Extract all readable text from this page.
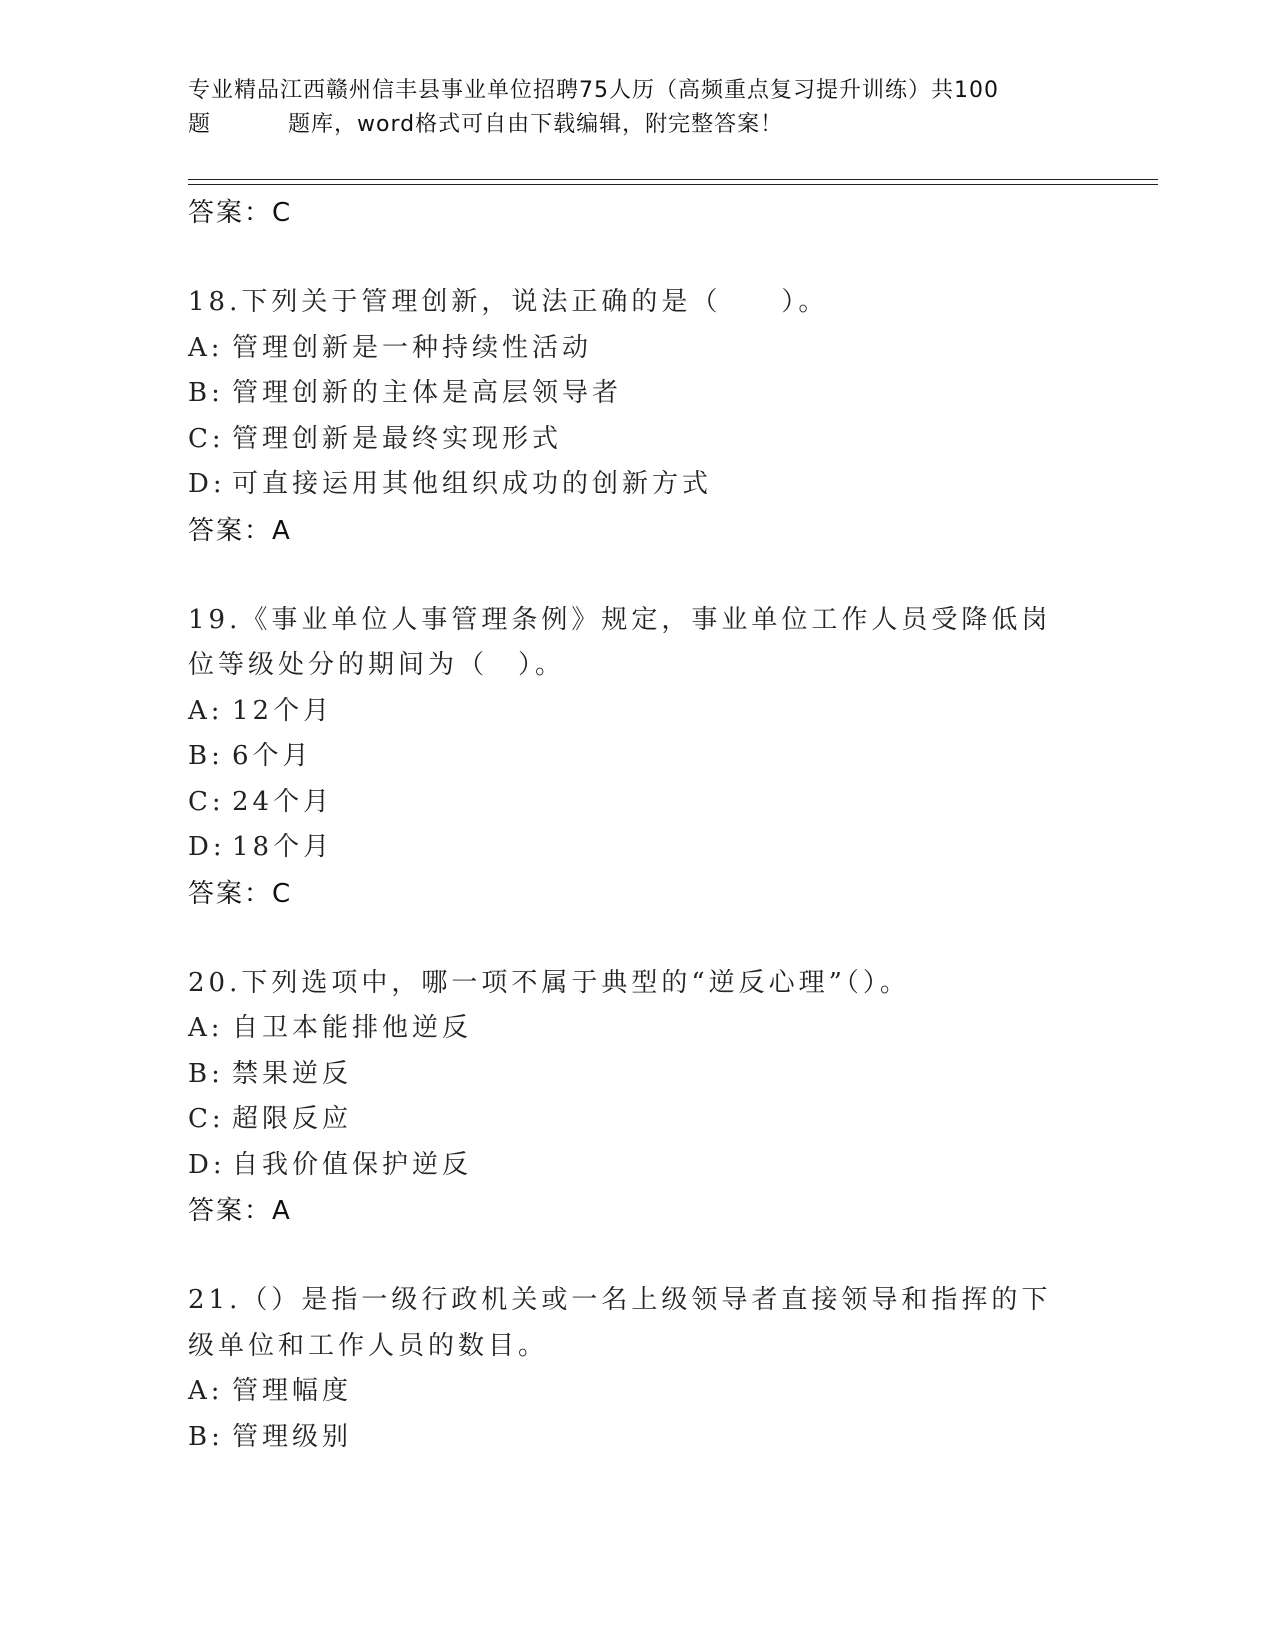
专业精品江西赣州信丰县事业单位招聘75人历（高频重点复习提升训练）共100
题	题库，word格式可自由下载编辑，附完整答案！
答案：C
18.下列关于管理创新，说法正确的是（　　）。
A: 管理创新是一种持续性活动
B: 管理创新的主体是高层领导者
C: 管理创新是最终实现形式
D: 可直接运用其他组织成功的创新方式
答案：A
19.《事业单位人事管理条例》规定，事业单位工作人员受降低岗位等级处分的期间为（　）。
A: 12个月
B: 6个月
C: 24个月
D: 18个月
答案：C
20.下列选项中，哪一项不属于典型的“逆反心理”（）。
A: 自卫本能排他逆反
B: 禁果逆反
C: 超限反应
D: 自我价值保护逆反
答案：A
21.（）是指一级行政机关或一名上级领导者直接领导和指挥的下级单位和工作人员的数目。
A: 管理幅度
B: 管理级别
